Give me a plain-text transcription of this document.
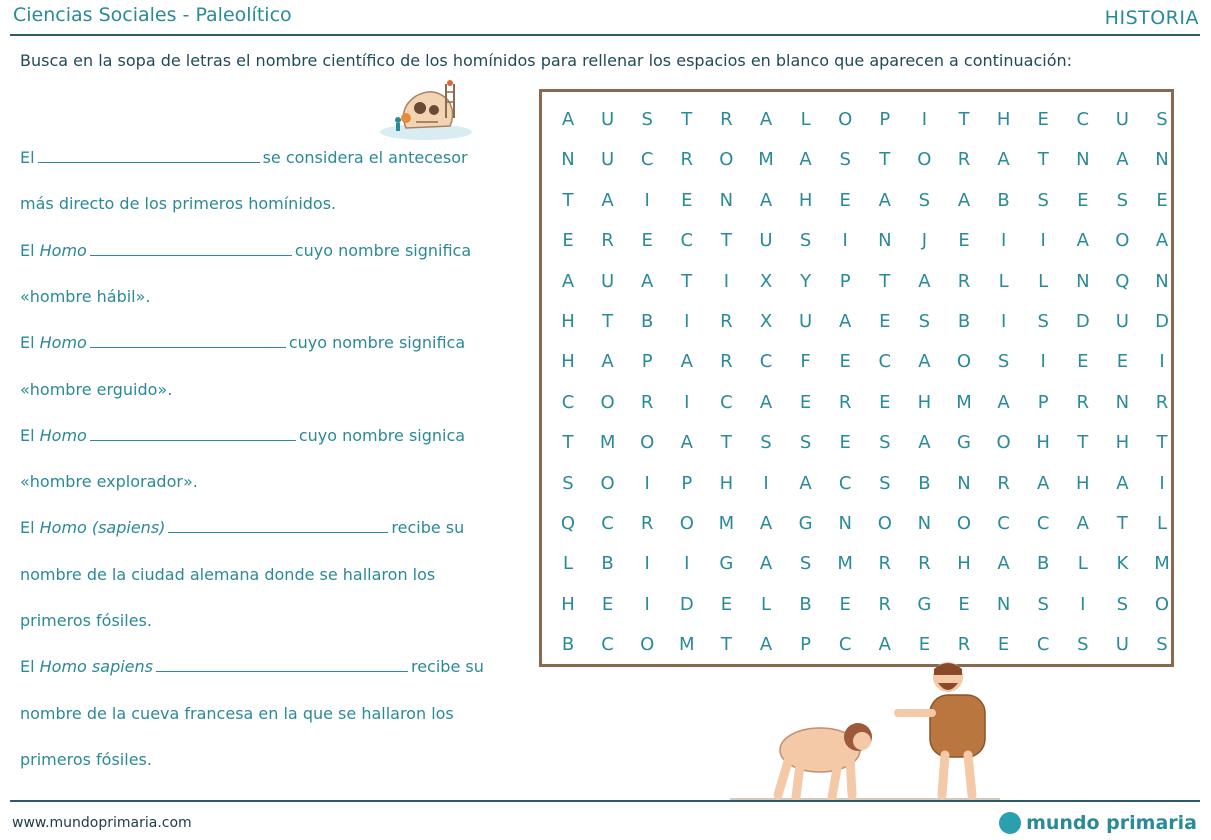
Ciencias Sociales - Paleolítico	HISTORIA
Busca en la sopa de letras el nombre científico de los homínidos para rellenar los espacios en blanco que aparecen a continuación:
El	se considera el antecesor
más directo de los primeros homínidos.
El Homo	cuyo nombre significa
«hombre hábil».
El Homo	cuyo nombre significa
«hombre erguido».
El Homo	cuyo nombre signica
«hombre explorador».
El Homo (sapiens)	recibe su
nombre de la ciudad alemana donde se hallaron los
primeros fósiles.
El Homo sapiens	recibe su
nombre de la cueva francesa en la que se hallaron los
primeros fósiles.
A	U	S	T	R	A	L	O	P	I	T	H	E	C	U	S
N	U	C	R	O	M	A	S	T	O	R	A	T	N	A	N
T	A	I	E	N	A	H	E	A	S	A	B	S	E	S	E
E	R	E	C	T	U	S	I	N	J	E	I	I	A	O	A
A	U	A	T	I	X	Y	P	T	A	R	L	L	N	Q	N
H	T	B	I	R	X	U	A	E	S	B	I	S	D	U	D
H	A	P	A	R	C	F	E	C	A	O	S	I	E	E	I
C	O	R	I	C	A	E	R	E	H	M	A	P	R	N	R
T	M	O	A	T	S	S	E	S	A	G	O	H	T	H	T
S	O	I	P	H	I	A	C	S	B	N	R	A	H	A	I
Q	C	R	O	M	A	G	N	O	N	O	C	C	A	T	L
L	B	I	I	G	A	S	M	R	R	H	A	B	L	K	M
H	E	I	D	E	L	B	E	R	G	E	N	S	I	S	O
B	C	O	M	T	A	P	C	A	E	R	E	C	S	U	S
www.mundoprimaria.com	mundo primaria
